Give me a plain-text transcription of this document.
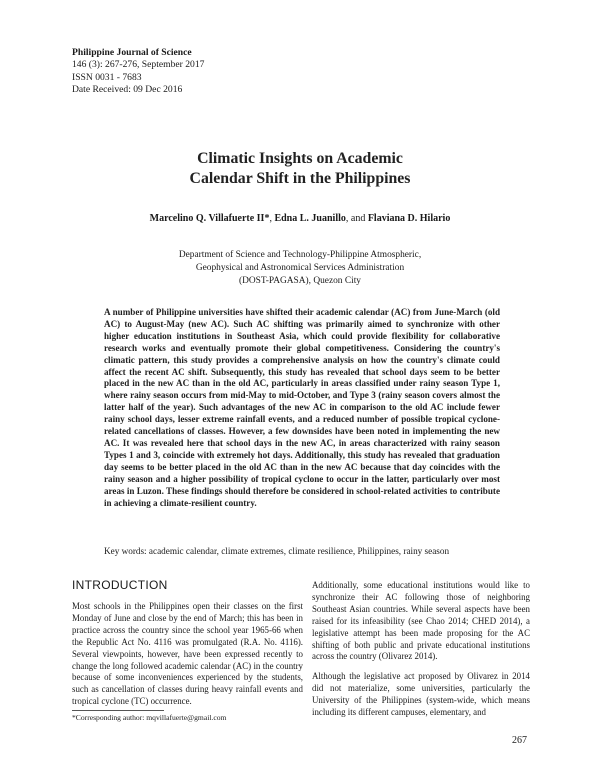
Philippine Journal of Science
146 (3): 267-276, September 2017
ISSN 0031 - 7683
Date Received: 09 Dec 2016
Climatic Insights on Academic
Calendar Shift in the Philippines
Marcelino Q. Villafuerte II*, Edna L. Juanillo, and Flaviana D. Hilario
Department of Science and Technology-Philippine Atmospheric,
Geophysical and Astronomical Services Administration
(DOST-PAGASA), Quezon City

A number of Philippine universities have shifted their academic calendar (AC) from June-March (old AC) to August-May (new AC). Such AC shifting was primarily aimed to synchronize with other higher education institutions in Southeast Asia, which could provide flexibility for collaborative research works and eventually promote their global competitiveness. Considering the country's climatic pattern, this study provides a comprehensive analysis on how the country's climate could affect the recent AC shift. Subsequently, this study has revealed that school days seem to be better placed in the new AC than in the old AC, particularly in areas classified under rainy season Type 1, where rainy season occurs from mid-May to mid-October, and Type 3 (rainy season covers almost the latter half of the year). Such advantages of the new AC in comparison to the old AC include fewer rainy school days, lesser extreme rainfall events, and a reduced number of possible tropical cyclone-related cancellations of classes. However, a few downsides have been noted in implementing the new AC. It was revealed here that school days in the new AC, in areas characterized with rainy season Types 1 and 3, coincide with extremely hot days. Additionally, this study has revealed that graduation day seems to be better placed in the old AC than in the new AC because that day coincides with the rainy season and a higher possibility of tropical cyclone to occur in the latter, particularly over most areas in Luzon. These findings should therefore be considered in school-related activities to contribute in achieving a climate-resilient country.

Key words: academic calendar, climate extremes, climate resilience, Philippines, rainy season
INTRODUCTION

Most schools in the Philippines open their classes on the first Monday of June and close by the end of March; this has been in practice across the country since the school year 1965-66 when the Republic Act No. 4116 was promulgated (R.A. No. 4116). Several viewpoints, however, have been expressed recently to change the long followed academic calendar (AC) in the country because of some inconveniences experienced by the students, such as cancellation of classes during heavy rainfall events and tropical cyclone (TC) occurrence.

Additionally, some educational institutions would like to synchronize their AC following those of neighboring Southeast Asian countries. While several aspects have been raised for its infeasibility (see Chao 2014; CHED 2014), a legislative attempt has been made proposing for the AC shifting of both public and private educational institutions across the country (Olivarez 2014).

Although the legislative act proposed by Olivarez in 2014 did not materialize, some universities, particularly the University of the Philippines (system-wide, which means including its different campuses, elementary, and

*Corresponding author: mqvillafuerte@gmail.com
267
